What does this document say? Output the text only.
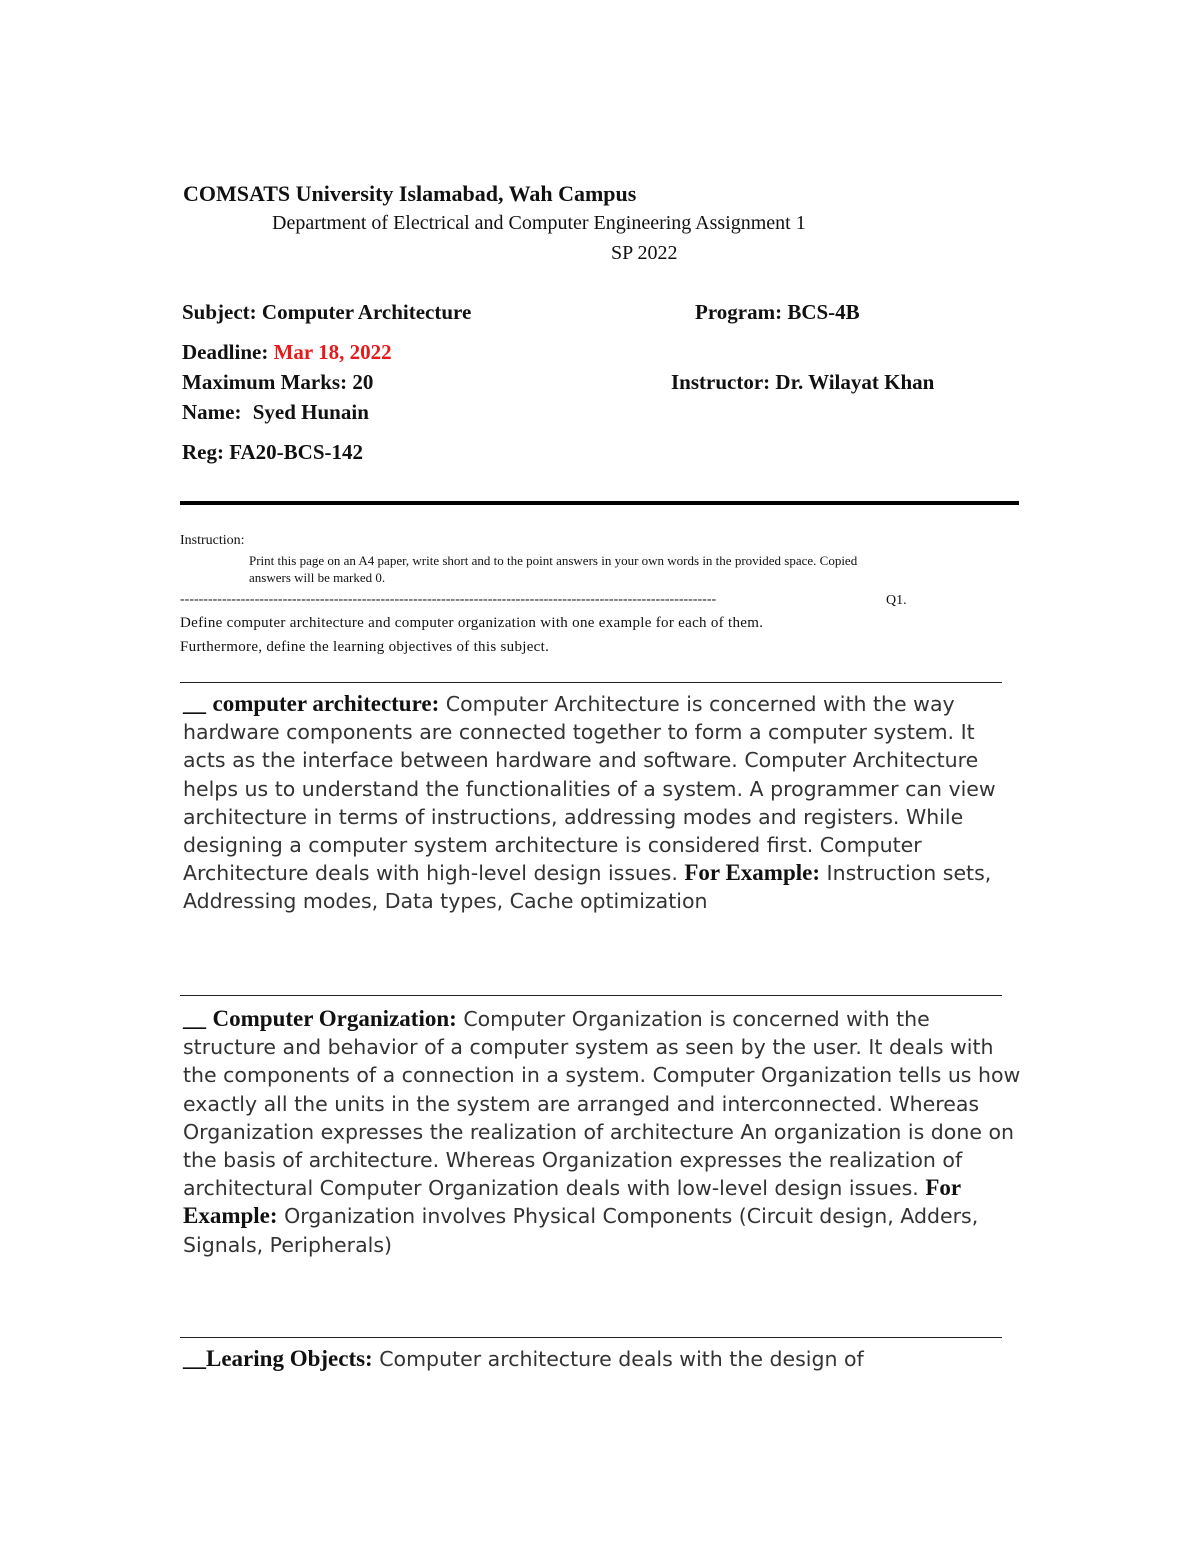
COMSATS University Islamabad, Wah Campus
Department of Electrical and Computer Engineering Assignment 1
SP 2022
Subject: Computer Architecture	Program: BCS-4B
Deadline: Mar 18, 2022
Maximum Marks: 20	Instructor: Dr. Wilayat Khan
Name: Syed Hunain
Reg: FA20-BCS-142
Instruction:
Print this page on an A4 paper, write short and to the point answers in your own words in the provided space. Copied
answers will be marked 0.
-------------------------------------------------------------------------------------------------------------------	Q1.
Define computer architecture and computer organization with one example for each of them.
Furthermore, define the learning objectives of this subject.
__ computer architecture: Computer Architecture is concerned with the way hardware components are connected together to form a computer system. It acts as the interface between hardware and software. Computer Architecture helps us to understand the functionalities of a system. A programmer can view architecture in terms of instructions, addressing modes and registers. While designing a computer system architecture is considered first. Computer Architecture deals with high-level design issues. For Example: Instruction sets, Addressing modes, Data types, Cache optimization
__ Computer Organization: Computer Organization is concerned with the structure and behavior of a computer system as seen by the user. It deals with the components of a connection in a system. Computer Organization tells us how exactly all the units in the system are arranged and interconnected. Whereas Organization expresses the realization of architecture An organization is done on the basis of architecture. Whereas Organization expresses the realization of architectural Computer Organization deals with low-level design issues. For Example: Organization involves Physical Components (Circuit design, Adders, Signals, Peripherals)
__Learing Objects: Computer architecture deals with the design of
